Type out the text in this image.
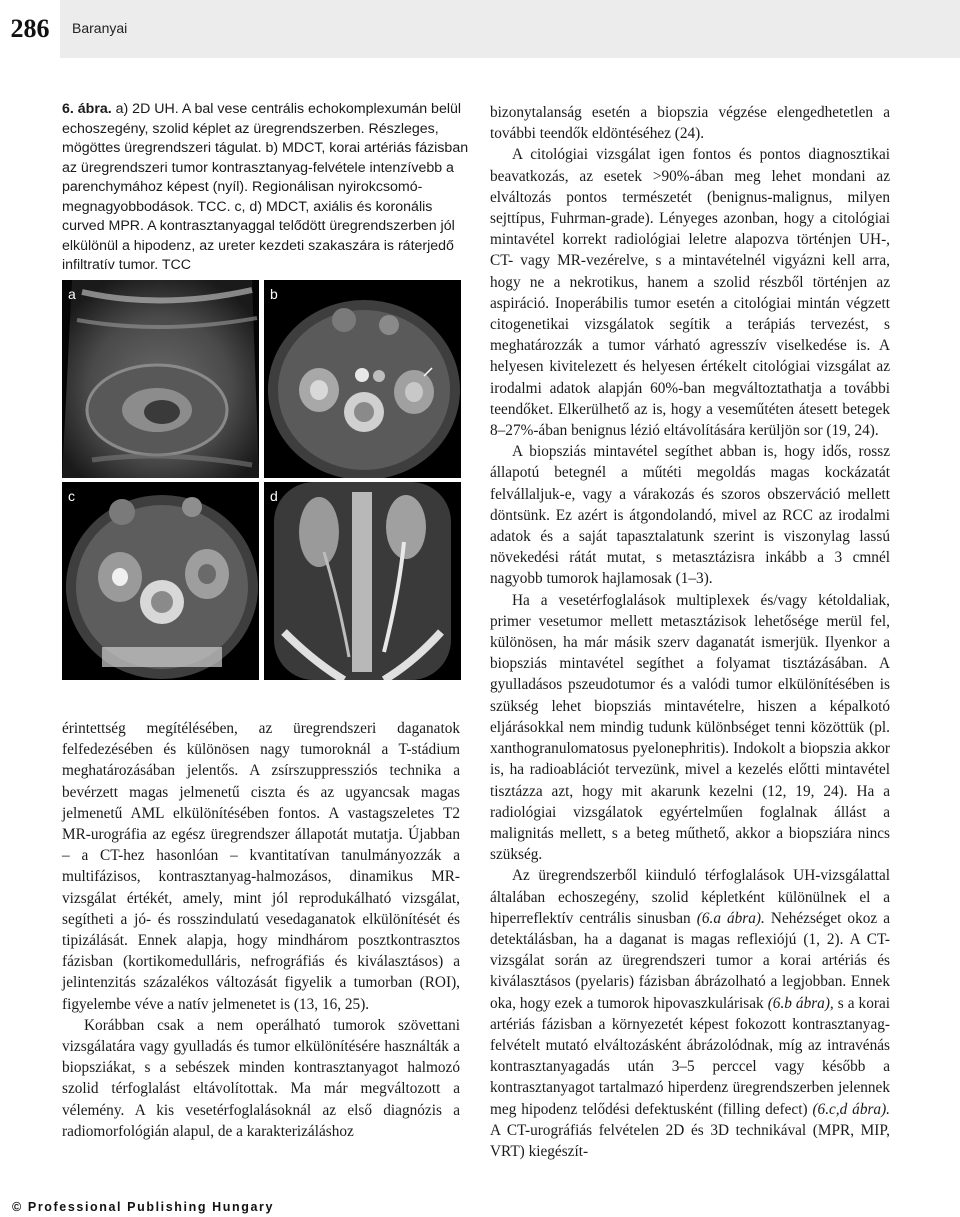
286	Baranyai
6. ábra. a) 2D UH. A bal vese centrális echokomplexumán belül echoszegény, szolid képlet az üregrendszerben. Részleges, mögöttes üregrendszeri tágulat. b) MDCT, korai artériás fázisban az üregrendszeri tumor kontrasztanyag-felvétele intenzívebb a parenchymához képest (nyíl). Regionálisan nyirokcsomó-megnagyobbodások. TCC. c, d) MDCT, axiális és koronális curved MPR. A kontrasztanyaggal telődött üregrendszerben jól elkülönül a hipodenz, az ureter kezdeti szakaszára is ráterjedő infiltratív tumor. TCC
a	b
c	d

érintettség megítélésében, az üregrendszeri daganatok felfedezésében és különösen nagy tumoroknál a T-stádium meghatározásában jelentős. A zsírszuppressziós technika a bevérzett magas jelmenetű ciszta és az ugyancsak magas jelmenetű AML elkülönítésében fontos. A vastagszeletes T2 MR-urográfia az egész üregrendszer állapotát mutatja. Újabban – a CT-hez hasonlóan – kvantitatívan tanulmányozzák a multifázisos, kontrasztanyag-halmozásos, dinamikus MR-vizsgálat értékét, amely, mint jól reprodukálható vizsgálat, segítheti a jó- és rosszindulatú vesedaganatok elkülönítését és tipizálását. Ennek alapja, hogy mindhárom posztkontrasztos fázisban (kortikomedulláris, nefrográfiás és kiválasztásos) a jelintenzitás százalékos változását figyelik a tumorban (ROI), figyelembe véve a natív jelmenetet is (13, 16, 25).

Korábban csak a nem operálható tumorok szövettani vizsgálatára vagy gyulladás és tumor elkülönítésére használták a biopsziákat, s a sebészek minden kontrasztanyagot halmozó szolid térfoglalást eltávolítottak. Ma már megváltozott a vélemény. A kis vesetérfoglalásoknál az első diagnózis a radiomorfológián alapul, de a karakterizáláshoz

bizonytalanság esetén a biopszia végzése elengedhetetlen a további teendők eldöntéséhez (24).

A citológiai vizsgálat igen fontos és pontos diagnosztikai beavatkozás, az esetek >90%-ában meg lehet mondani az elváltozás pontos természetét (benignus-malignus, milyen sejttípus, Fuhrman-grade). Lényeges azonban, hogy a citológiai mintavétel korrekt radiológiai leletre alapozva történjen UH-, CT- vagy MR-vezérelve, s a mintavételnél vigyázni kell arra, hogy ne a nekrotikus, hanem a szolid részből történjen az aspiráció. Inoperábilis tumor esetén a citológiai mintán végzett citogenetikai vizsgálatok segítik a terápiás tervezést, s meghatározzák a tumor várható agresszív viselkedése is. A helyesen kivitelezett és helyesen értékelt citológiai vizsgálat az irodalmi adatok alapján 60%-ban megváltoztathatja a további teendőket. Elkerülhető az is, hogy a veseműtéten átesett betegek 8–27%-ában benignus lézió eltávolítására kerüljön sor (19, 24).

A biopsziás mintavétel segíthet abban is, hogy idős, rossz állapotú betegnél a műtéti megoldás magas kockázatát felvállaljuk-e, vagy a várakozás és szoros obszerváció mellett döntsünk. Ez azért is átgondolandó, mivel az RCC az irodalmi adatok és a saját tapasztalatunk szerint is viszonylag lassú növekedési rátát mutat, s metasztázisra inkább a 3 cmnél nagyobb tumorok hajlamosak (1–3).

Ha a vesetérfoglalások multiplexek és/vagy kétoldaliak, primer vesetumor mellett metasztázisok lehetősége merül fel, különösen, ha már másik szerv daganatát ismerjük. Ilyenkor a biopsziás mintavétel segíthet a folyamat tisztázásában. A gyulladásos pszeudotumor és a valódi tumor elkülönítésében is szükség lehet biopsziás mintavételre, hiszen a képalkotó eljárásokkal nem mindig tudunk különbséget tenni közöttük (pl. xanthogranulomatosus pyelonephritis). Indokolt a biopszia akkor is, ha radioablációt tervezünk, mivel a kezelés előtti mintavétel tisztázza azt, hogy mit akarunk kezelni (12, 19, 24). Ha a radiológiai vizsgálatok egyértelműen foglalnak állást a malignitás mellett, s a beteg műthető, akkor a biopsziára nincs szükség.

Az üregrendszerből kiinduló térfoglalások UH-vizsgálattal általában echoszegény, szolid képletként különülnek el a hiperreflektív centrális sinusban (6.a ábra). Nehézséget okoz a detektálásban, ha a daganat is magas reflexiójú (1, 2). A CT-vizsgálat során az üregrendszeri tumor a korai artériás és kiválasztásos (pyelaris) fázisban ábrázolható a legjobban. Ennek oka, hogy ezek a tumorok hipovaszkulárisak (6.b ábra), s a korai artériás fázisban a környezetét képest fokozott kontrasztanyag-felvételt mutató elváltozásként ábrázolódnak, míg az intravénás kontrasztanyagadás után 3–5 perccel vagy később a kontrasztanyagot tartalmazó hiperdenz üregrendszerben jelennek meg hipodenz telődési defektusként (filling defect) (6.c,d ábra). A CT-urográfiás felvételen 2D és 3D technikával (MPR, MIP, VRT) kiegészít-

© Professional Publishing Hungary
